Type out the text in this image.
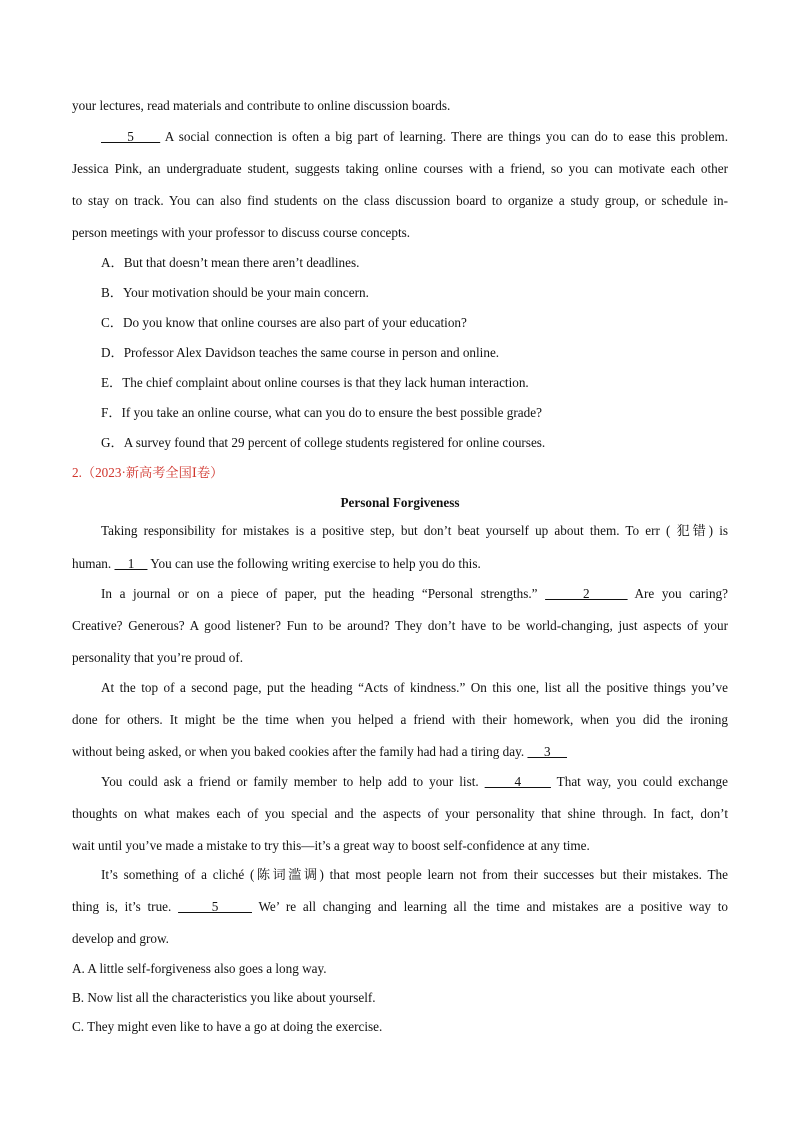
your lectures, read materials and contribute to online discussion boards.
5      A social connection is often a big part of learning. There are things you can do to ease this problem.
Jessica Pink, an undergraduate student, suggests taking online courses with a friend, so you can motivate each other
to stay on track. You can also find students on the class discussion board to organize a study group, or schedule in-
person meetings with your professor to discuss course concepts.
A．But that doesn’t mean there aren’t deadlines.
B．Your motivation should be your main concern.
C．Do you know that online courses are also part of your education?
D．Professor Alex Davidson teaches the same course in person and online.
E．The chief complaint about online courses is that they lack human interaction.
F．If you take an online course, what can you do to ensure the best possible grade?
G．A survey found that 29 percent of college students registered for online courses.
2.（2023·新高考全国Ⅰ卷）
Personal Forgiveness
Taking responsibility for mistakes is a positive step, but don’t beat yourself up about them. To err ( 犯错) is
human.     1     You can use the following writing exercise to help you do this.
In a journal or on a piece of paper, put the heading “Personal strengths.”      2      Are you caring?
Creative? Generous? A good listener? Fun to be around? They don’t have to be world-changing, just aspects of your
personality that you’re proud of.
At the top of a second page, put the heading “Acts of kindness.” On this one, list all the positive things you’ve
done for others. It might be the time when you helped a friend with their homework, when you did the ironing
without being asked, or when you baked cookies after the family had had a tiring day.      3
You could ask a friend or family member to help add to your list.      4      That way, you could exchange
thoughts on what makes each of you special and the aspects of your personality that shine through. In fact, don’t
wait until you’ve made a mistake to try this—it’s a great way to boost self-confidence at any time.
It’s something of a cliché (陈词滥调) that most people learn not from their successes but their mistakes. The
thing is, it’s true.      5      We’ re all changing and learning all the time and mistakes are a positive way to
develop and grow.
A. A little self-forgiveness also goes a long way.
B. Now list all the characteristics you like about yourself.
C. They might even like to have a go at doing the exercise.
